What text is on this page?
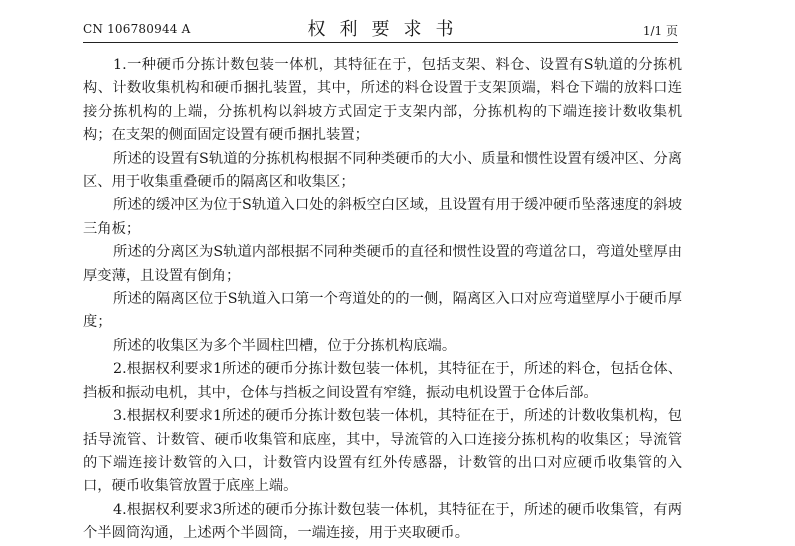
CN 106780944 A	权利要求书	1/1 页

1.一种硬币分拣计数包装一体机，其特征在于，包括支架、料仓、设置有S轨道的分拣机构、计数收集机构和硬币捆扎装置，其中，所述的料仓设置于支架顶端，料仓下端的放料口连接分拣机构的上端，分拣机构以斜坡方式固定于支架内部，分拣机构的下端连接计数收集机构；在支架的侧面固定设置有硬币捆扎装置；

所述的设置有S轨道的分拣机构根据不同种类硬币的大小、质量和惯性设置有缓冲区、分离区、用于收集重叠硬币的隔离区和收集区；

所述的缓冲区为位于S轨道入口处的斜板空白区域，且设置有用于缓冲硬币坠落速度的斜坡三角板；

所述的分离区为S轨道内部根据不同种类硬币的直径和惯性设置的弯道岔口，弯道处壁厚由厚变薄，且设置有倒角；

所述的隔离区位于S轨道入口第一个弯道处的的一侧，隔离区入口对应弯道壁厚小于硬币厚度；

所述的收集区为多个半圆柱凹槽，位于分拣机构底端。

2.根据权利要求1所述的硬币分拣计数包装一体机，其特征在于，所述的料仓，包括仓体、挡板和振动电机，其中，仓体与挡板之间设置有窄缝，振动电机设置于仓体后部。

3.根据权利要求1所述的硬币分拣计数包装一体机，其特征在于，所述的计数收集机构，包括导流管、计数管、硬币收集管和底座，其中，导流管的入口连接分拣机构的收集区；导流管的下端连接计数管的入口，计数管内设置有红外传感器，计数管的出口对应硬币收集管的入口，硬币收集管放置于底座上端。

4.根据权利要求3所述的硬币分拣计数包装一体机，其特征在于，所述的硬币收集管，有两个半圆筒沟通，上述两个半圆筒，一端连接，用于夹取硬币。
